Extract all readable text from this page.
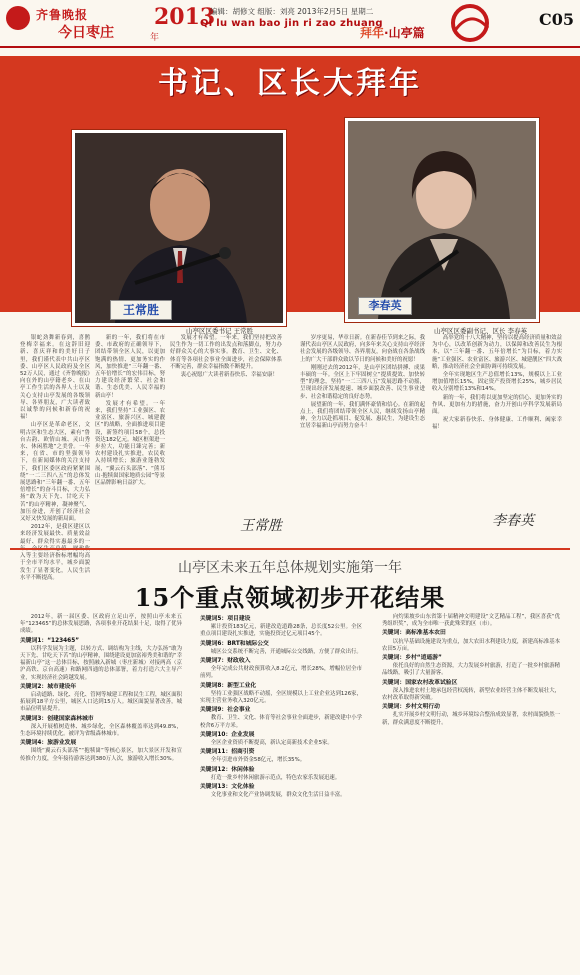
齐鲁晚报
今日枣庄
2013
年
编辑：胡修文 组版：刘亮 2013年2月5日 星期二
Qi lu wan bao jin ri zao zhuang
拜年·山亭篇
C05
书记、区长大拜年
王常胜	李春英
山亭区区委书记 王常胜	山亭区区委副书记、区长 李春英

银蛇劲舞新春到，喜鹊登梅幸福来。在这辞旧迎新、喜庆祥和的美好日子里，我们谨代表中共山亭区委、山亭区人民政府及全区52万人民，通过《齐鲁晚报》向在外的山亭籍老乡、在山亭工作生活的各界人士以及关心支持山亭发展的各级领导、各界朋友，广大读者致以诚挚的问候和新春的祝福！

山亭区是革命老区，文明古区和生态大区，素有“鲁台古韵、欧情山城、灵山秀水、休闲胜地”之美誉。一年来，在省、市的坚强领导下，在新闻媒体的关注支持下，我们区委区政府紧紧围绕“一二三四八五”的总体发展思路和“三年翻一番、五年倍增长”的奋斗目标，大力弘扬“敢为天下先、甘吃天下苦”的山亭精神，凝神聚气、加压奋进，开创了经济社会又好又快发展的新局面。

2012年，是我区建区以来经济发展最快、质量效益最好、群众得实惠最多的一 入等主要经济指标增幅均高于全市平均水平，城乡面貌发生了显著变化，人民生活水平不断提高。

新的一年，我们将在市委、市政府的正确领导下，团结带领全区人民，以更加饱满的热情、更加务实的作风，加快推进“三年翻一番、五年倍增长”的宏伟目标，努力建设经济繁荣、社会和谐、生态优美、人民幸福的新山亭！

发展才有希望。一年来，我们坚持“工业强区、农业富区、旅游兴区、城建靓区”的战略，全面推进项目建设，新签约项目58个，总投资达182亿元。城区框架进一步拉大，功能日臻完善；新农村建设扎实推进，农民收入持续增长；旅游业蓬勃发展，“翼云石头部落”、“熊耳山·抱犊崮国家地质公园”等景区品牌影响日益扩大。

发展才有希望。一年来，我们坚持把改善民生作为一切工作的出发点和落脚点，努力办好群众关心的大事实事。教育、卫生、文化、体育等各项社会事业全面进步，社会保障体系不断完善，群众幸福指数不断提升。

衷心祝愿广大读者新春快乐、幸福安康！

王常胜

岁序更易，华章日新。在新春佳节到来之际，我谨代表山亭区人民政府，向多年来关心支持山亭经济社会发展的各级领导、各界朋友，向奋战在各条战线上的广大干部群众致以节日的问候和美好的祝愿！

刚刚过去的2012年，是山亭区团结拼搏、成果丰硕的一年。全区上下牢固树立“提质提效、加快转型”的理念，坚持“一二三四八五”发展思路不动摇，呈现出经济发展提速、城乡面貌改善、民生事业进步、社会和谐稳定的良好态势。

展望新的一年，我们满怀豪情和信心。在新的起点上，我们将团结带领全区人民，继续发扬山亭精神，全力以赴抓项目、促发展、惠民生，为建设生态宜居幸福新山亭而努力奋斗！

高举党的十八大精神，坚持以提高经济质量和效益为中心，以改革创新为动力，以保障和改善民生为根本，以“三年翻一番、五年倍增长”为目标，着力实施“工业强区、农业富区、旅游兴区、城建靓区”四大战略，推动经济社会全面协调可持续发展。

全年实现地区生产总值增长13%，规模以上工业增加值增长15%，固定资产投资增长25%，城乡居民收入分别增长13%和14%。

新的一年，我们将以更加坚定的信心、更加务实的作风、更加有力的措施，奋力开创山亭科学发展新局面。

祝大家新春快乐、身体健康、工作顺利、阖家幸福！

李春英
山亭区未来五年总体规划实施第一年
15个重点领域初步开花结果

2012年，新一届区委、区政府立足山亭，按照山亭未来五年“123465”的总体发展思路，各项事业开花结果十足，取得了优异成绩。

关键词1：“123465”

以科学发展为主题，以转方式、调结构为主线，大力弘扬“敢为天下先、甘吃天下苦”的山亭精神，围绕建设更加富裕秀美和谐的“幸福新山亭”这一总体目标，按照融入新城（枣庄新城）对接两高（京沪高铁、京台高速）和路网四通的总体部署，着力打造六大主导产业，实现经济社会跨越发展。

关键词2：城市建设年

启动道路、绿化、亮化、管网等城建工程和民生工程，城区面积拓展到18平方公里，城区人口达到15万人。城区面貌显著改善，城市品位明显提升。

关键词3：创建国家森林城市

深入开展植树造林、城乡绿化，全区森林覆盖率达到49.8%，生态环境持续优化。被评为省级森林城市。

关键词4：旅游业发展

围绕“翼云石头部落”“抱犊崮”等核心景区，加大景区开发和宣传推介力度，全年接待游客达到380万人次，旅游收入增长30%。

关键词5：项目建设

累计投资183亿元，新建改造道路28条，总长度52公里。全区重点项目建设扎实推进，实施投资过亿元项目45个。

关键词6：BRT和城际公交

城区公交系统不断完善，开通城际公交线路，方便了群众出行。

关键词7：财政收入

全年完成公共财政预算收入8.2亿元，增长28%，增幅位居全市前列。

关键词8：新型工业化

坚持工业强区战略不动摇，全区规模以上工业企业达到126家，实现主营业务收入320亿元。

关键词9：社会事业

教育、卫生、文化、体育等社会事业全面进步，新建改建中小学校舍6万平方米。

关键词10：企业发展

全区企业资质不断提高，新认定高新技术企业5家。

关键词11：招商引资

全年引进市外资金58亿元，增长35%。

关键词12：休闲体验

打造一批乡村休闲旅游示范点，特色农家乐发展迅速。

关键词13：文化体验

文化事业和文化产业协调发展，群众文化生活日益丰富。

向灼果坡乡山东省第十届精神文明建设“文艺精品工程”，我区喜获“优秀组织奖”，成为全市唯一获此殊荣的区（市）。

关键词：高标准基本农田

以抗旱基础设施建设为重点，加大农田水利建设力度，新建高标准基本农田5万亩。

关键词：乡村“逍遥游”

依托良好的自然生态资源，大力发展乡村旅游，打造了一批乡村旅游精品线路，吸引了大量游客。

关键词：国家农村改革试验区

深入推进农村土地承包经营权流转，新型农业经营主体不断发展壮大，农村改革取得新突破。

关键词：乡村文明行动

扎实开展乡村文明行动，城乡环境综合整治成效显著，农村面貌焕然一新，群众满意度不断提升。
